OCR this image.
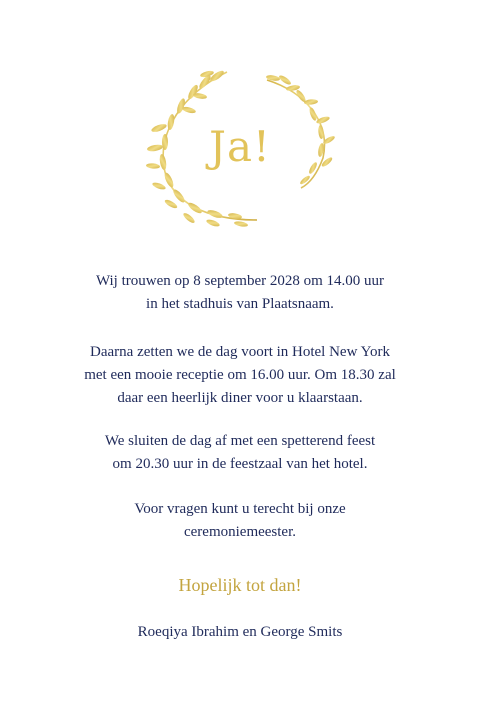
Ja!
Wij trouwen op 8 september 2028 om 14.00 uur
in het stadhuis van Plaatsnaam.
Daarna zetten we de dag voort in Hotel New York
met een mooie receptie om 16.00 uur. Om 18.30 zal
daar een heerlijk diner voor u klaarstaan.
We sluiten de dag af met een spetterend feest
om 20.30 uur in de feestzaal van het hotel.
Voor vragen kunt u terecht bij onze
ceremoniemeester.
Hopelijk tot dan!
Roeqiya Ibrahim en George Smits
